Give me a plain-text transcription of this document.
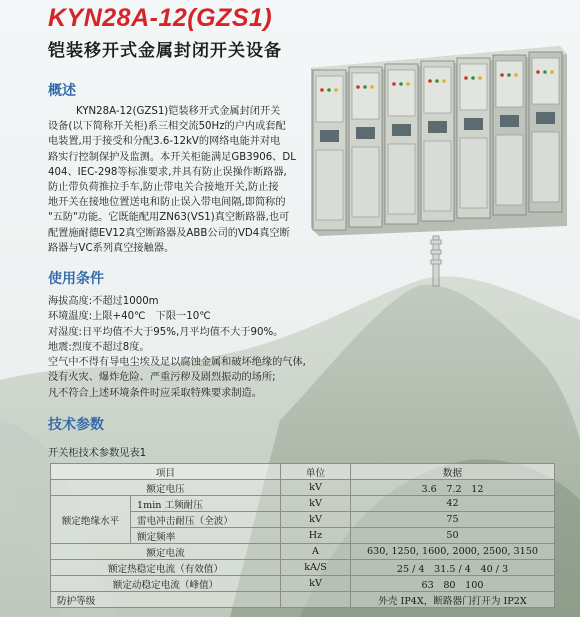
KYN28A-12(GZS1)
铠装移开式金属封闭开关设备
概述
KYN28A-12(GZS1)铠装移开式金属封闭开关
设备(以下简称开关柜)系三相交流50Hz的户内成套配
电装置,用于接受和分配3.6-12kV的网络电能并对电
路实行控制保护及监测。本开关柜能满足GB3906、DL
404、IEC-298等标准要求,并具有防止误操作断路器,
防止带负荷推拉手车,防止带电关合接地开关,防止接
地开关在接地位置送电和防止误入带电间隔,即简称的
"五防"功能。它既能配用ZN63(VS1)真空断路器,也可
配置施耐德EV12真空断路器及ABB公司的VD4真空断
路器与VC系列真空接触器。
使用条件
海拔高度:不超过1000m
环境温度:上限+40℃　下限一10℃
对湿度:日平均值不大于95%,月平均值不大于90%。
地震:烈度不超过8度。
空气中不得有导电尘埃及足以腐蚀金属和破坏绝缘的气体,
没有火灾、爆炸危险、严重污秽及剧烈振动的场所;
凡不符合上述环境条件时应采取特殊要求制造。
技术参数
开关柜技术参数见表1
项目		单位	数据
额定电压		kV	3.6　7.2　12
额定绝缘水平	1min 工频耐压	kV	42
	雷电冲击耐压（全波）	kV	75
	额定频率	Hz	50
额定电流		A	630, 1250, 1600, 2000, 2500, 3150
额定热稳定电流（有效值）		kA/S	25 / 4　31.5 / 4　40 / 3
额定动稳定电流（峰值）		kV	63　80　100
防护等级			外壳 IP4X，断路器门打开为 IP2X
